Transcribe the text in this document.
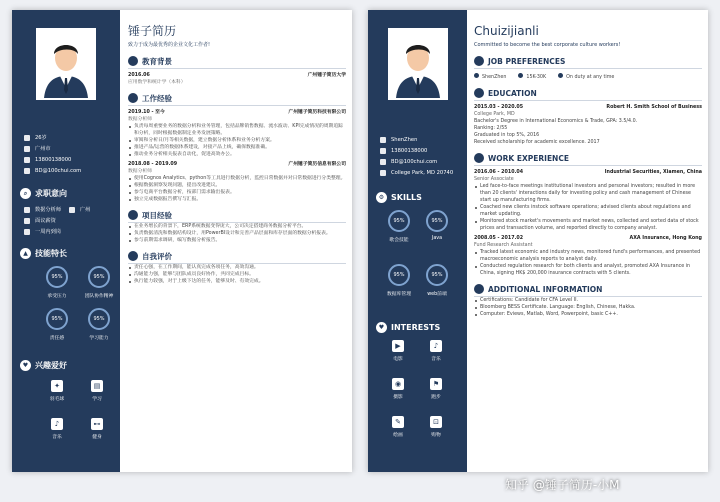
26岁
广州市
13800138000
BD@100chui.com
⌕ 求职意向
数据分析师	广州
面议薪资
一周内到岗
▲ 技能特长
95%	95%
承受压力	团队协作精神
95%	95%
责任感	学习能力
♥ 兴趣爱好
✦
羽毛球
▤
学习
♪
音乐
⊷
健身
锤子简历
致力于成为最优秀的企业文化工作者!
教育背景
2016.06	广州锤子简历大学
应用数学和统计学（本科）
工作经验
2019.10 - 至今	广州锤子简历科技有限公司
数据分析师
负责每周重要业务的数据分析和业务管理，包括品牌销售数据、流水波动、KPI完成情况的周期追踪和分析，同时根据数据制定业务发展策略。
审阅和分析日/月等相关数据，建立数据分析体系和业务分析方案。
推进产品/运营的数据体系建设，对接产品上线，确保数据准确。
推动业务分析相关报表自动化，促进高效办公。
2018.08 - 2019.09	广州锤子简历信息有限公司
数据分析师
使用Cognos Analytics、python等工具进行数据分析，监控日常数据并对日常数据进行分类整理。
根据数据洞察发现问题，提出改进建议。
参与电商平台数据分析，按部门需求输出报表。
独立完成数据报告撰写与汇报。
项目经验
在业务增长的背景下，ERP系统数据变得庞大，公司决定搭建商务数据分析平台。
负责数据清洗和数据结构设计，用PowerBI设计和完善产品层面和库存层面的数据分析报表。
参与前期需求调研，编写数据分析报告。
自我评价
责任心强，在工作期间，能认真完成各项任务，高效沟通。
沟通能力强，能够与团队成员良好协作，共同完成目标。
执行能力较强，对于上级下达的任务，能够及时、有效完成。
ShenZhen
13800138000
BD@100chui.com
College Park, MD 20740
⚙ SKILLS
95%	95%
歌会技能	Java
95%	95%
数据库管理	web前端
♥ INTERESTS
▶
电影
♪
音乐
◉
摄影
⚑
跑步
✎
绘画
⊡
购物
Chuizijianli
Committed to become the best corporate culture workers!
JOB PREFERENCES
ShenZhen	15K-30K	On duty at any time
EDUCATION
2015.03 - 2020.05	Robert H. Smith School of Business
College Park, MD
Bachelor's Degree in International Economics & Trade, GPA: 3.5/4.0.
Ranking: 2/55
Graduated in top 5%, 2016
Received scholarship for academic excellence. 2017
WORK EXPERIENCE
2016.06 - 2010.04	Industrial Securities, Xiamen, China
Senior Associate
Led face-to-face meetings institutional investors and personal investors; resulted in more than 20 clients' interactions daily for investing policy and cash management of Chinese start up manufacturing firms.
Coached new clients instock software operations; advised clients about regulations and market updating.
Monitored stock market's movements and market news, collected and sorted data of stock prices and transaction volume, and reported directly to company analyst.
2008.05 - 2017.02	AXA Insurance, Hong Kong
Fund Research Assistant
Tracked latest economic and industry news, monitored fund's performances, and presented macroeconomic analysis reports to analyst daily.
Conducted regulation research for both clients and analyst, promoted AXA Insurance in China, signing HK$ 200,000 insurance contracts with 5 clients.
ADDITIONAL INFORMATION
Certifications: Candidate for CFA Level II.
Bloomberg BESS Certificate. Language: English, Chinese, Hakka.
Computer: Eviews, Matlab, Word, Powerpoint, basic C++.
知乎 @锤子简历-小M
